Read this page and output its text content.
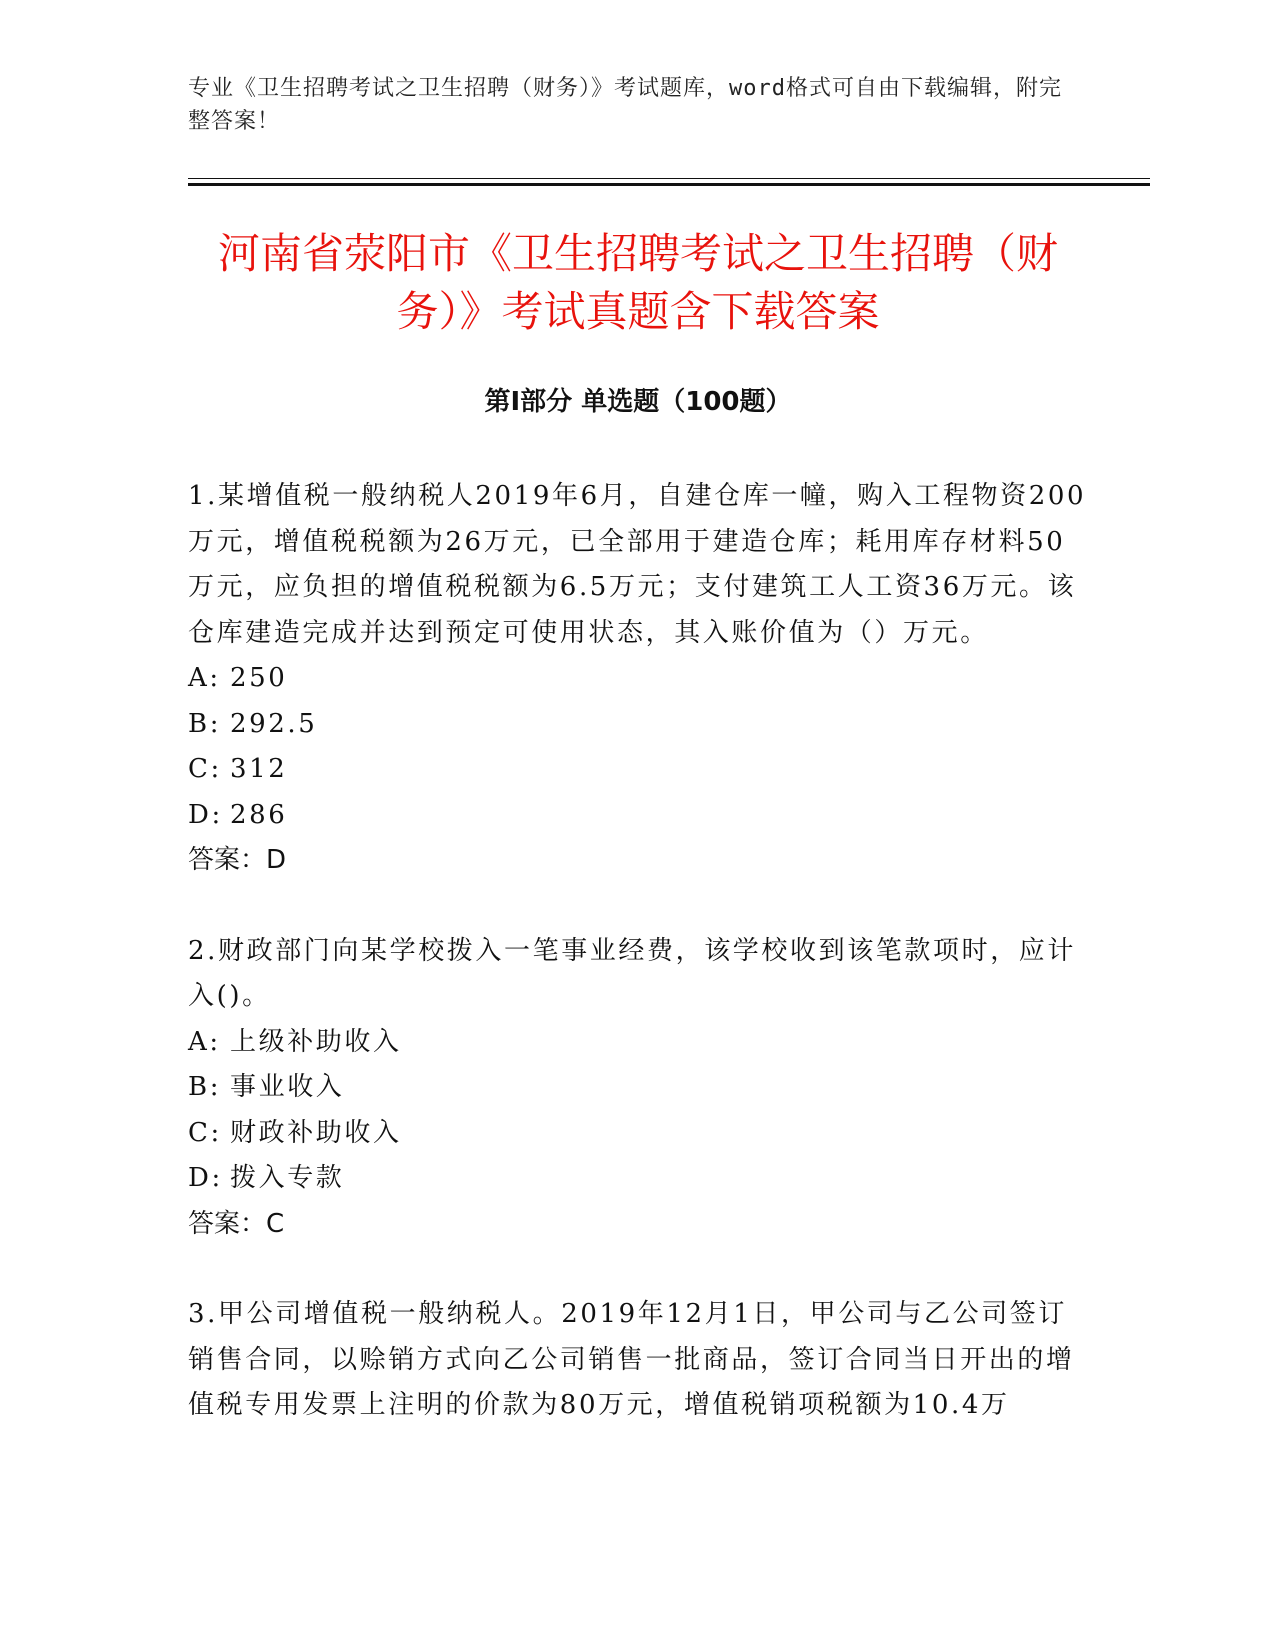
专业《卫生招聘考试之卫生招聘（财务）》考试题库，word格式可自由下载编辑，附完整答案！
河南省荥阳市《卫生招聘考试之卫生招聘（财务）》考试真题含下载答案
第Ⅰ部分 单选题（100题）

1.某增值税一般纳税人2019年6月，自建仓库一幢，购入工程物资200万元，增值税税额为26万元，已全部用于建造仓库；耗用库存材料50万元，应负担的增值税税额为6.5万元；支付建筑工人工资36万元。该仓库建造完成并达到预定可使用状态，其入账价值为（）万元。

A: 250
B: 292.5
C: 312
D: 286
答案：D

2.财政部门向某学校拨入一笔事业经费，该学校收到该笔款项时，应计入()。

A: 上级补助收入
B: 事业收入
C: 财政补助收入
D: 拨入专款
答案：C

3.甲公司增值税一般纳税人。2019年12月1日，甲公司与乙公司签订销售合同，以赊销方式向乙公司销售一批商品，签订合同当日开出的增值税专用发票上注明的价款为80万元，增值税销项税额为10.4万
